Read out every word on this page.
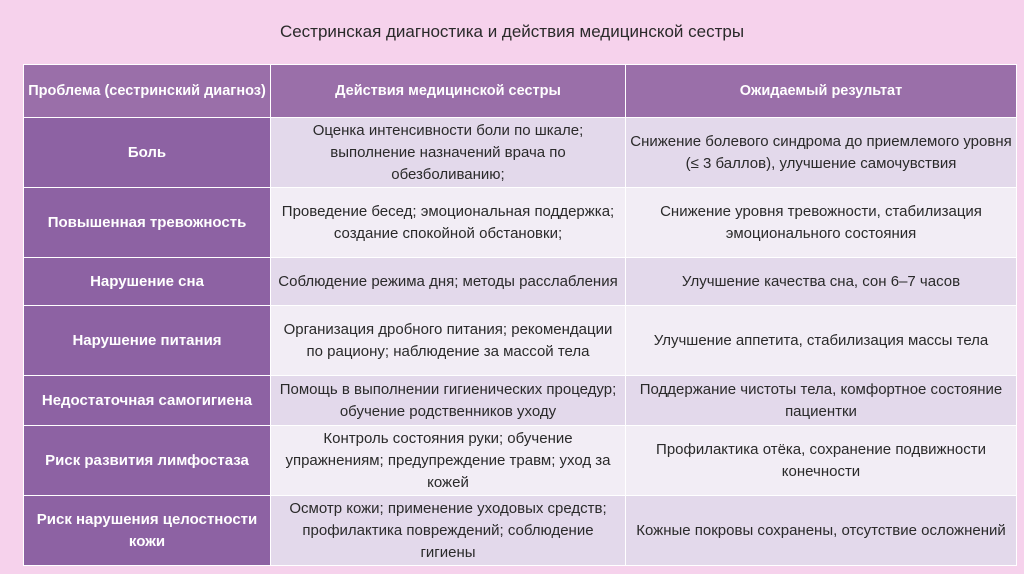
Сестринская диагностика и действия медицинской сестры
Проблема (сестринский диагноз)	Действия медицинской сестры	Ожидаемый результат
Боль	Оценка интенсивности боли по шкале; выполнение назначений врача по обезболиванию;	Снижение болевого синдрома до приемлемого уровня (≤ 3 баллов), улучшение самочувствия
Повышенная тревожность	Проведение бесед; эмоциональная поддержка; создание спокойной обстановки;	Снижение уровня тревожности, стабилизация эмоционального состояния
Нарушение сна	Соблюдение режима дня; методы расслабления	Улучшение качества сна, сон 6–7 часов
Нарушение питания	Организация дробного питания; рекомендации по рациону; наблюдение за массой тела	Улучшение аппетита, стабилизация массы тела
Недостаточная самогигиена	Помощь в выполнении гигиенических процедур; обучение родственников уходу	Поддержание чистоты тела, комфортное состояние пациентки
Риск развития лимфостаза	Контроль состояния руки; обучение упражнениям; предупреждение травм; уход за кожей	Профилактика отёка, сохранение подвижности конечности
Риск нарушения целостности кожи	Осмотр кожи; применение уходовых средств; профилактика повреждений; соблюдение гигиены	Кожные покровы сохранены, отсутствие осложнений
